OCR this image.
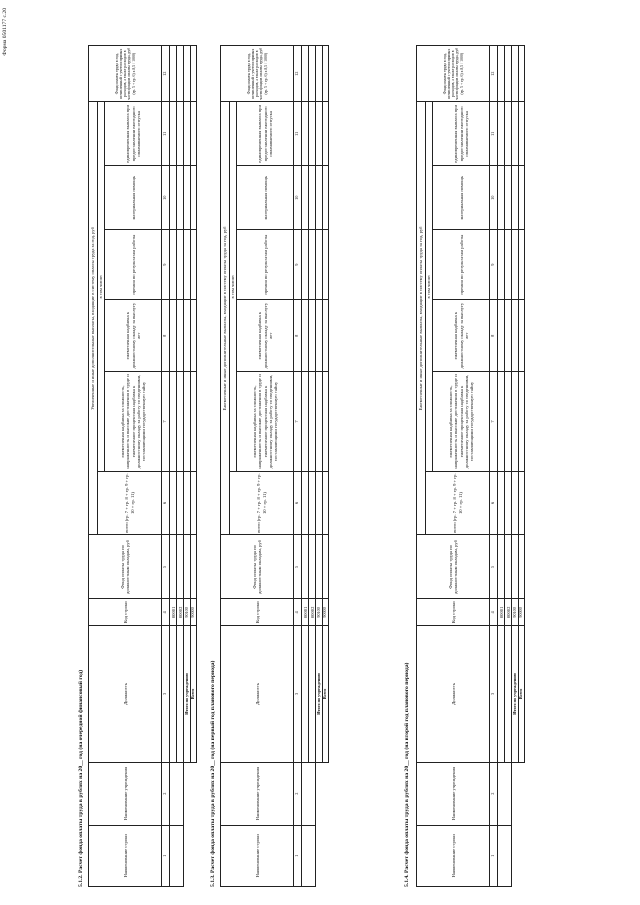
Форма 0501177 с.20
5.1.2. Расчет фонда оплаты труда в рублях на 20__ год (на очередной финансовый год)	Наименование строки	Наименование учреждения	Должность	Код строки	Фонд оплаты труда по должностным окладам, руб	Увеличенные и иные дополнительные выплаты, входящие в систему оплаты труда за год, руб						Фонд оплаты труда в год, исчисленный с учетом прямых расходов, а также расходов в части фондов оплаты труда, руб (гр. 5 + гр. 6) х 8,5 / 1000)
					всего (гр. 7 + гр. 8 + гр. 9 + гр. 10 + гр. 11)	в том числе:					
						ежемесячная надбавка за сложность, напряженность и высокие достижения в труде и ежемесячное процентная надбавка к должностному окладу за работу со сведениями, составляющими государственную тайну	ежемесячная надбавка к должностному окладу за выслугу лет	премия по результатам работы	материальная помощь	единовременная выплата при предоставлении ежегодного оплачиваемого отпуска	
1	2	3	4	5	6	7	8	9	10	11	12
			00001								
			00002								
		Итого по учреждению	90100								
		Всего	90000								
5.1.3. Расчет фонда оплаты труда в рублях на 20__ год (на первый год планового периода)	Наименование строки	Наименование учреждения	Должность	Код строки	Фонд оплаты труда по должностным окладам, руб	Ежемесячные и иные дополнительные выплаты, входящие в систему оплаты труда за год, руб						Фонд оплаты труда в год, исчисленный с учетом прямых расходов, а также расходов в части фондов оплаты труда, руб (гр. 5 + гр. 6) х 8,5 / 1000)
					всего (гр. 7 + гр. 8 + гр. 9 + гр. 10 + гр. 11)	в том числе:					
						ежемесячная надбавка за сложность, напряженность и высокие достижения в труде и ежемесячное процентная надбавка к должностному окладу за работу со сведениями, составляющими государственную тайну	ежемесячная надбавка к должностному окладу за выслугу лет	премия по результатам работы	материальная помощь	единовременная выплата при предоставлении ежегодного оплачиваемого отпуска	
1	2	3	4	5	6	7	8	9	10	11	12
			00001								
			00002								
		Итого по учреждению	90100								
		Всего	90000								
5.1.4. Расчет фонда оплаты труда в рублях на 20__ год (на второй год планового периода)	Наименование строки	Наименование учреждения	Должность	Код строки	Фонд оплаты труда по должностным окладам, руб	Ежемесячные и иные дополнительные выплаты, входящие в систему оплаты труда за год, руб						Фонд оплаты труда в год, исчисленный с учетом прямых расходов, а также расходов в части фондов оплаты труда, руб (гр. 5 + гр. 6) х 8,5 / 1000)
					всего (гр. 7 + гр. 8 + гр. 9 + гр. 10 + гр. 11)	в том числе:					
						ежемесячная надбавка за сложность, напряженность и высокие достижения в труде и ежемесячное процентная надбавка к должностному окладу за работу со сведениями, составляющими государственную тайну	ежемесячная надбавка к должностному окладу за выслугу лет	премия по результатам работы	материальная помощь	единовременная выплата при предоставлении ежегодного оплачиваемого отпуска	
1	2	3	4	5	6	7	8	9	10	11	12
			00001								
			00002								
		Итого по учреждению	90100								
		Всего	90000								
